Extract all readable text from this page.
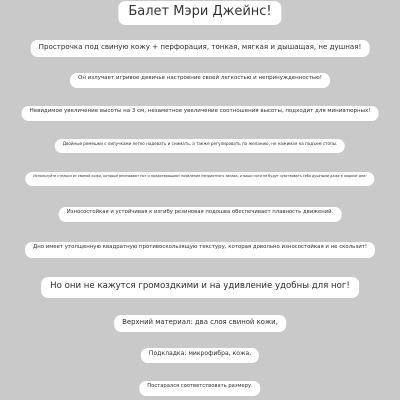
Балет Мэри Джейнс!
Прострочка под свиную кожу + перфорация, тонкая, мягкая и дышащая, не душная!
Он излучает игривое девичье настроение своей легкостью и непринужденностью!
Невидимое увеличение высоты на 3 см, незаметное увеличение соотношения высоты, подходит для миниатюрных!
Двойные ремешки с липучками легко надевать и снимать, а также регулировать по желанию, не нажимая на подъем стопы.
Используйте стельки из свиной кожи, которые впитывают пот и предотвращают появление неприятного запаха, и ваши ноги не будут чувствовать себя душными даже в жаркие дни!
Износостойкая и устойчивая к изгибу резиновая подошва обеспечивает плавность движений.
Дно имеет утолщенную квадратную противоскользящую текстуру, которая довольно износостойкая и не скользит!
Но они не кажутся громоздкими и на удивление удобны для ног!
Верхний материал: два слоя свиной кожи,
Подкладка: микрофибра, кожа,
Постарался соответствовать размеру.
